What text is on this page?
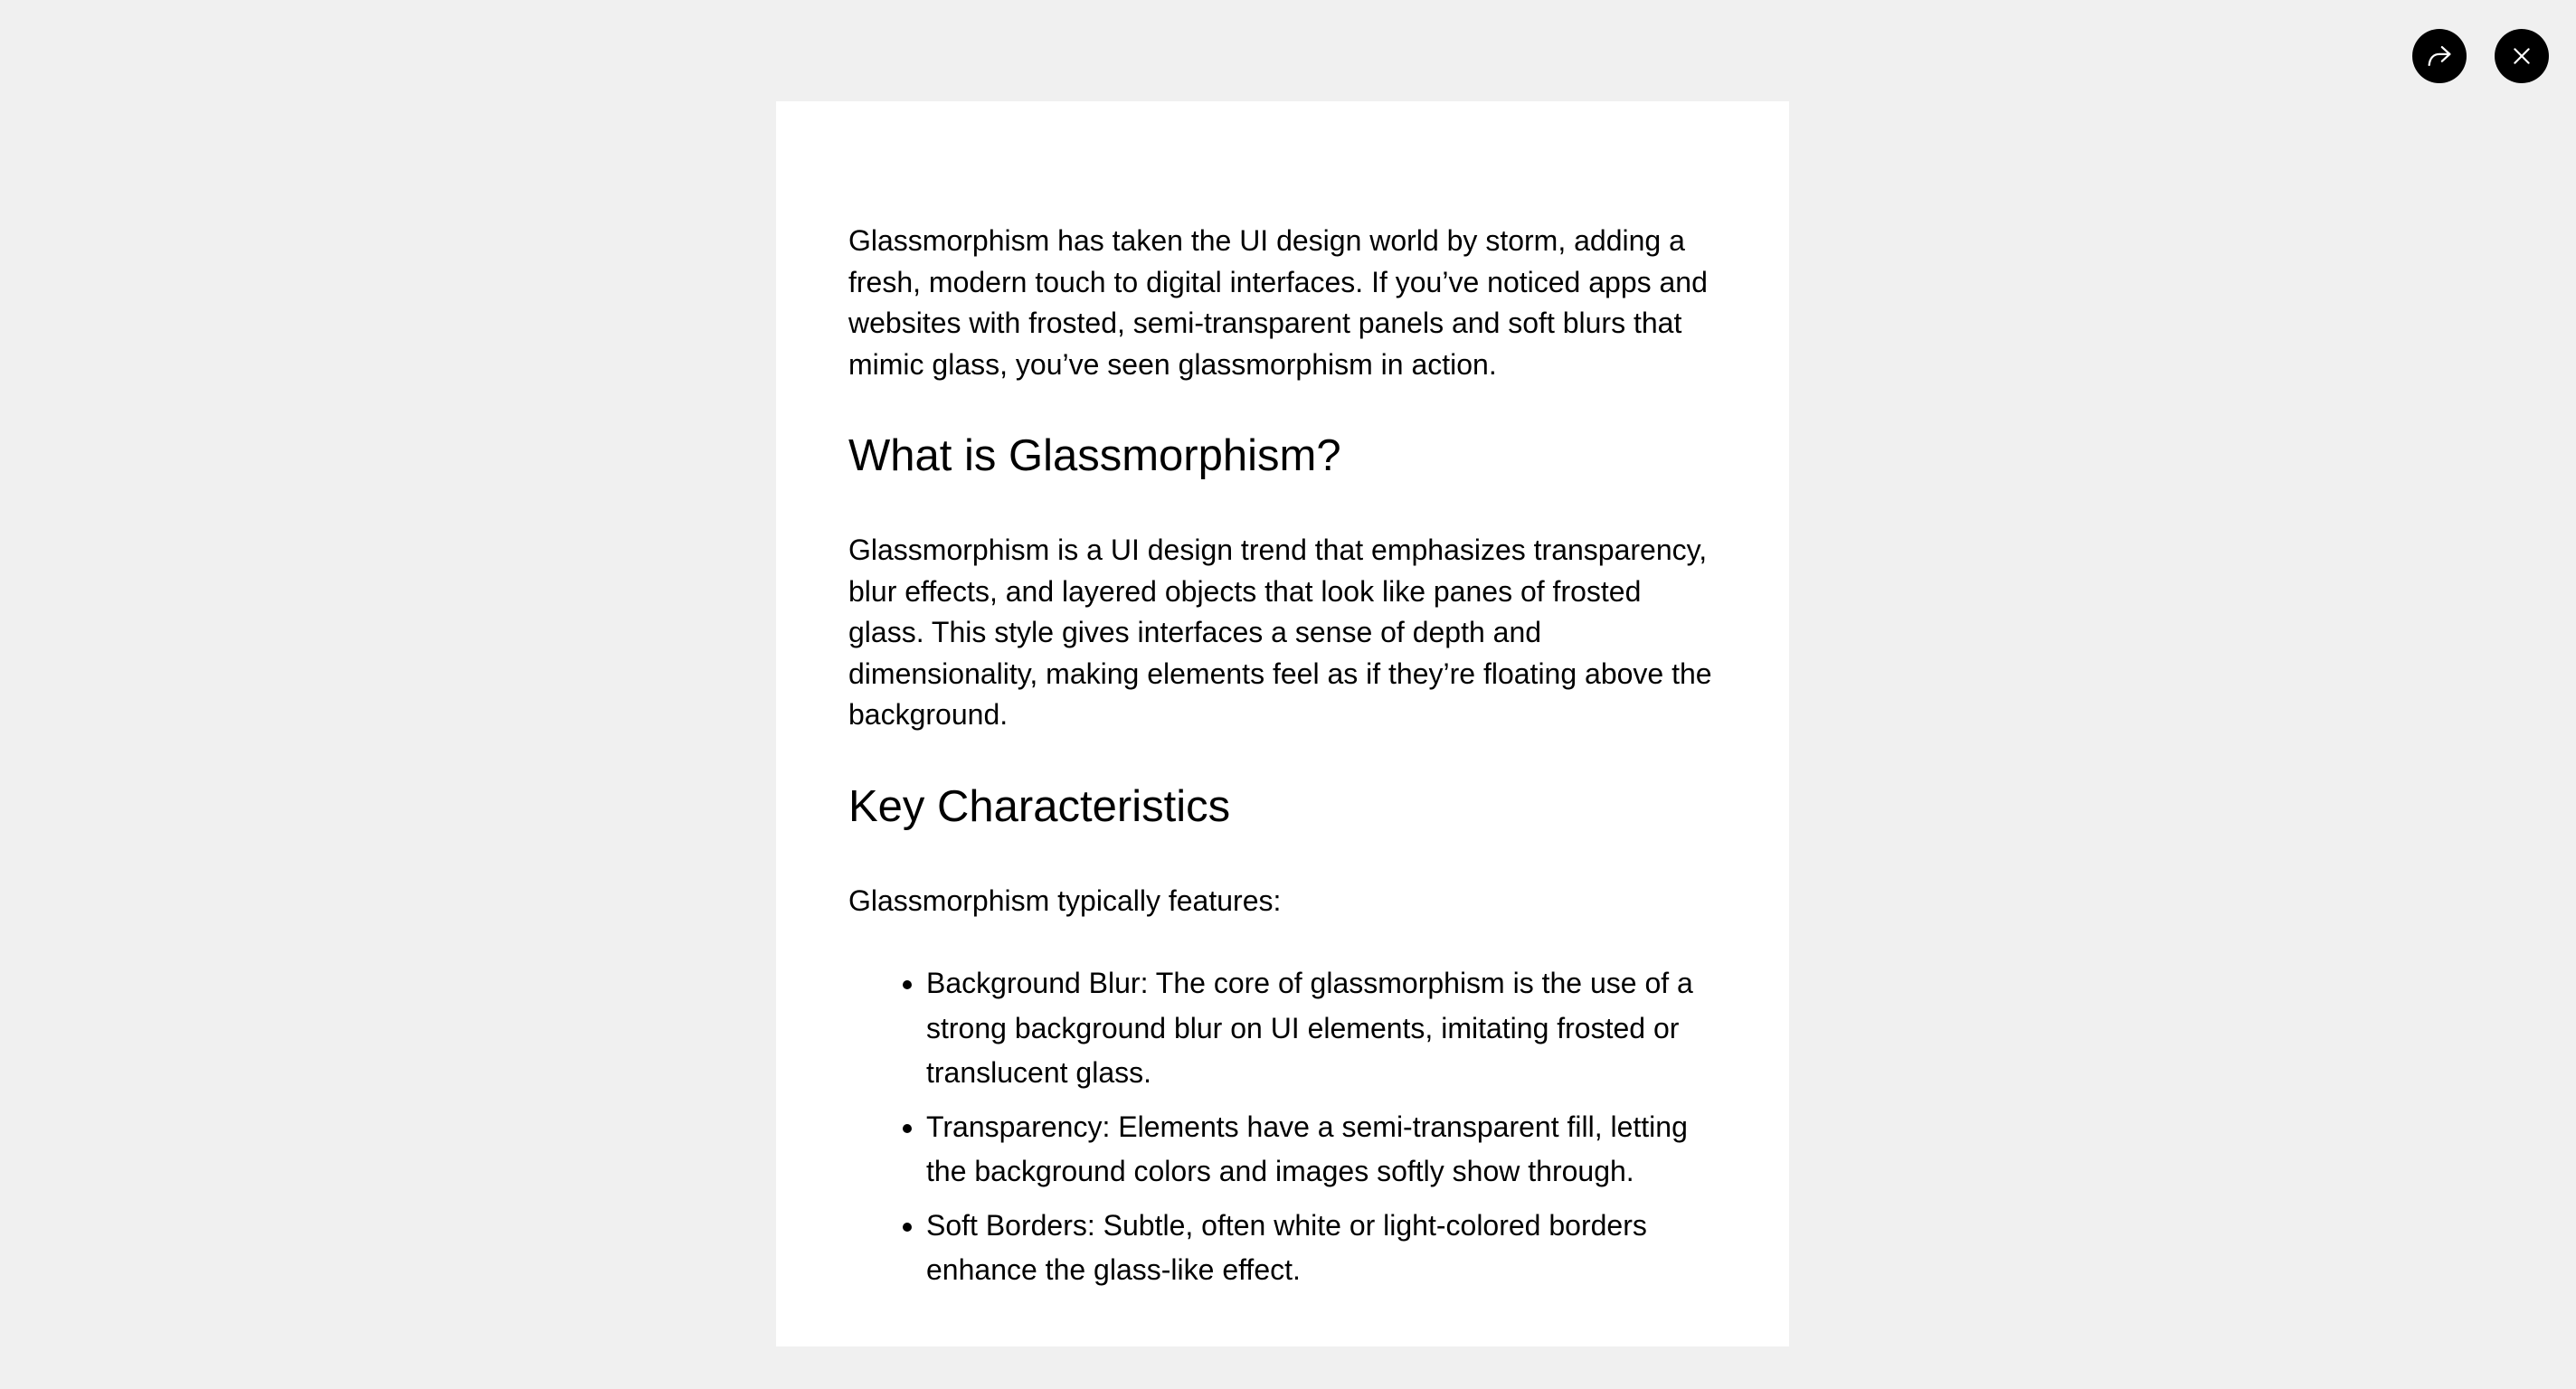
Glassmorphism has taken the UI design world by storm, adding a fresh, modern touch to digital interfaces. If you’ve noticed apps and websites with frosted, semi-transparent panels and soft blurs that mimic glass, you’ve seen glassmorphism in action.

What is Glassmorphism?

Glassmorphism is a UI design trend that emphasizes transparency, blur effects, and layered objects that look like panes of frosted glass. This style gives interfaces a sense of depth and dimensionality, making elements feel as if they’re floating above the background.

Key Characteristics

Glassmorphism typically features:

• Background Blur: The core of glassmorphism is the use of a strong background blur on UI elements, imitating frosted or translucent glass.
• Transparency: Elements have a semi-transparent fill, letting the background colors and images softly show through.
• Soft Borders: Subtle, often white or light-colored borders enhance the glass-like effect.
